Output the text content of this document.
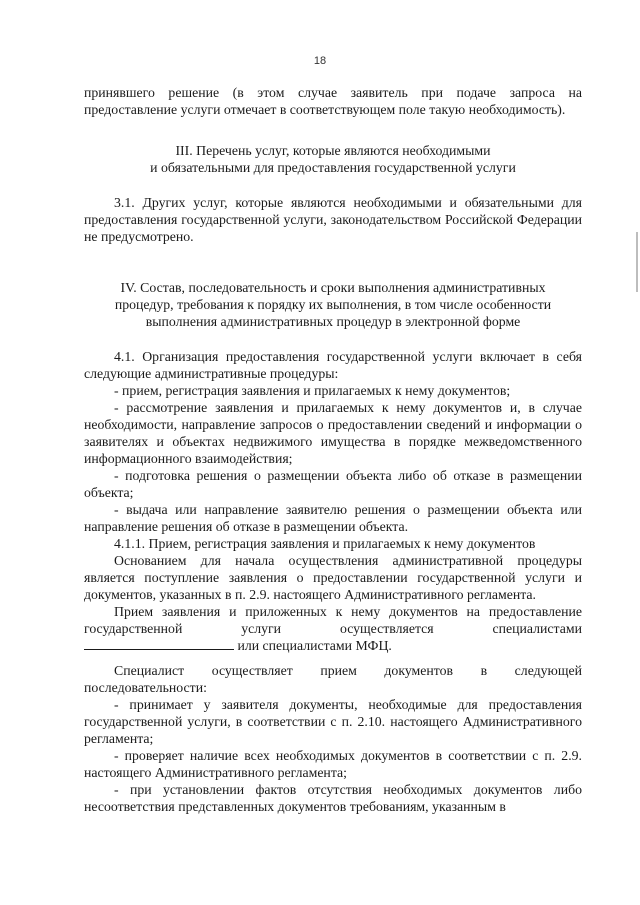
18

принявшего решение (в этом случае заявитель при подаче запроса на предоставление услуги отмечает в соответствующем поле такую необходимость).

III. Перечень услуг, которые являются необходимыми
и обязательными для предоставления государственной услуги

3.1. Других услуг, которые являются необходимыми и обязательными для предоставления государственной услуги, законодательством Российской Федерации не предусмотрено.

IV. Состав, последовательность и сроки выполнения административных
процедур, требования к порядку их выполнения, в том числе особенности
выполнения административных процедур в электронной форме

4.1. Организация предоставления государственной услуги включает в себя следующие административные процедуры:

- прием, регистрация заявления и прилагаемых к нему документов;

- рассмотрение заявления и прилагаемых к нему документов и, в случае необходимости, направление запросов о предоставлении сведений и информации о заявителях и объектах недвижимого имущества в порядке межведомственного информационного взаимодействия;

- подготовка решения о размещении объекта либо об отказе в размещении объекта;

- выдача или направление заявителю решения о размещении объекта или направление решения об отказе в размещении объекта.

4.1.1. Прием, регистрация заявления и прилагаемых к нему документов

Основанием для начала осуществления административной процедуры является поступление заявления о предоставлении государственной услуги и документов, указанных в п. 2.9. настоящего Административного регламента.

Прием заявления и приложенных к нему документов на предоставление государственной услуги осуществляется специалистами

или специалистами МФЦ.

Специалист осуществляет прием документов в следующей последовательности:

- принимает у заявителя документы, необходимые для предоставления государственной услуги, в соответствии с п. 2.10. настоящего Административного регламента;

- проверяет наличие всех необходимых документов в соответствии с п. 2.9. настоящего Административного регламента;

- при установлении фактов отсутствия необходимых документов либо несоответствия представленных документов требованиям, указанным в
